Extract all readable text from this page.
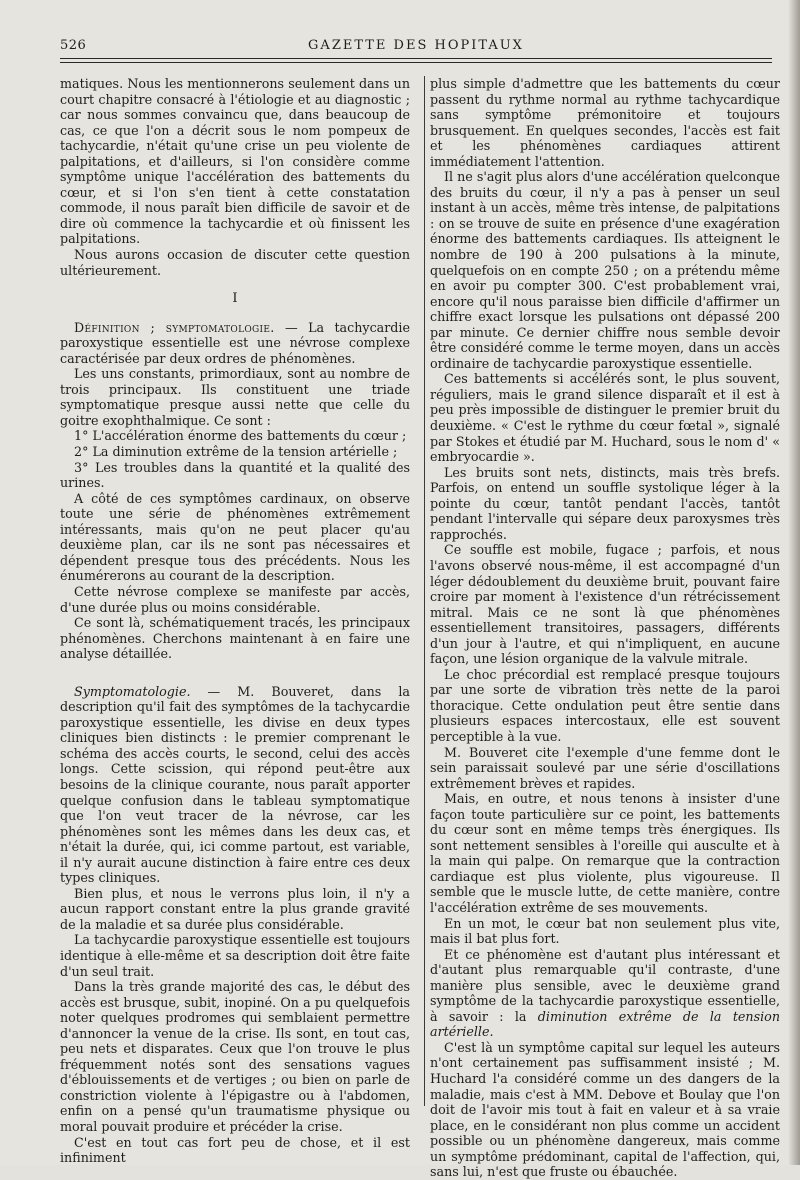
526	GAZETTE DES HOPITAUX

matiques. Nous les mentionnerons seulement dans un court chapitre consacré à l'étiologie et au diagnostic ; car nous sommes convaincu que, dans beaucoup de cas, ce que l'on a décrit sous le nom pompeux de tachycardie, n'était qu'une crise un peu violente de palpitations, et d'ailleurs, si l'on considère comme symptôme unique l'accélération des battements du cœur, et si l'on s'en tient à cette constatation commode, il nous paraît bien difficile de savoir et de dire où commence la tachycardie et où finissent les palpitations.

Nous aurons occasion de discuter cette question ultérieurement.

I

Définition ; symptomatologie. — La tachycardie paroxystique essentielle est une névrose complexe caractérisée par deux ordres de phénomènes.

Les uns constants, primordiaux, sont au nombre de trois principaux. Ils constituent une triade symptomatique presque aussi nette que celle du goitre exophthalmique. Ce sont :

1° L'accélération énorme des battements du cœur ;

2° La diminution extrême de la tension artérielle ;

3° Les troubles dans la quantité et la qualité des urines.

A côté de ces symptômes cardinaux, on observe toute une série de phénomènes extrêmement intéressants, mais qu'on ne peut placer qu'au deuxième plan, car ils ne sont pas nécessaires et dépendent presque tous des précédents. Nous les énumérerons au courant de la description.

Cette névrose complexe se manifeste par accès, d'une durée plus ou moins considérable.

Ce sont là, schématiquement tracés, les principaux phénomènes. Cherchons maintenant à en faire une analyse détaillée.

Symptomatologie. — M. Bouveret, dans la description qu'il fait des symptômes de la tachycardie paroxystique essentielle, les divise en deux types cliniques bien distincts : le premier comprenant le schéma des accès courts, le second, celui des accès longs. Cette scission, qui répond peut-être aux besoins de la clinique courante, nous paraît apporter quelque confusion dans le tableau symptomatique que l'on veut tracer de la névrose, car les phénomènes sont les mêmes dans les deux cas, et n'était la durée, qui, ici comme partout, est variable, il n'y aurait aucune distinction à faire entre ces deux types cliniques.

Bien plus, et nous le verrons plus loin, il n'y a aucun rapport constant entre la plus grande gravité de la maladie et sa durée plus considérable.

La tachycardie paroxystique essentielle est toujours identique à elle-même et sa description doit être faite d'un seul trait.

Dans la très grande majorité des cas, le début des accès est brusque, subit, inopiné. On a pu quelquefois noter quelques prodromes qui semblaient permettre d'annoncer la venue de la crise. Ils sont, en tout cas, peu nets et disparates. Ceux que l'on trouve le plus fréquemment notés sont des sensations vagues d'éblouissements et de vertiges ; ou bien on parle de constriction violente à l'épigastre ou à l'abdomen, enfin on a pensé qu'un traumatisme physique ou moral pouvait produire et précéder la crise.

C'est en tout cas fort peu de chose, et il est infiniment

plus simple d'admettre que les battements du cœur passent du rythme normal au rythme tachycardique sans symptôme prémonitoire et toujours brusquement. En quelques secondes, l'accès est fait et les phénomènes cardiaques attirent immédiatement l'attention.

Il ne s'agit plus alors d'une accélération quelconque des bruits du cœur, il n'y a pas à penser un seul instant à un accès, même très intense, de palpitations : on se trouve de suite en présence d'une exagération énorme des battements cardiaques. Ils atteignent le nombre de 190 à 200 pulsations à la minute, quelquefois on en compte 250 ; on a prétendu même en avoir pu compter 300. C'est probablement vrai, encore qu'il nous paraisse bien difficile d'affirmer un chiffre exact lorsque les pulsations ont dépassé 200 par minute. Ce dernier chiffre nous semble devoir être considéré comme le terme moyen, dans un accès ordinaire de tachycardie paroxystique essentielle.

Ces battements si accélérés sont, le plus souvent, réguliers, mais le grand silence disparaît et il est à peu près impossible de distinguer le premier bruit du deuxième. « C'est le rythme du cœur fœtal », signalé par Stokes et étudié par M. Huchard, sous le nom d' « embryocardie ».

Les bruits sont nets, distincts, mais très brefs. Parfois, on entend un souffle systolique léger à la pointe du cœur, tantôt pendant l'accès, tantôt pendant l'intervalle qui sépare deux paroxysmes très rapprochés.

Ce souffle est mobile, fugace ; parfois, et nous l'avons observé nous-même, il est accompagné d'un léger dédoublement du deuxième bruit, pouvant faire croire par moment à l'existence d'un rétrécissement mitral. Mais ce ne sont là que phénomènes essentiellement transitoires, passagers, différents d'un jour à l'autre, et qui n'impliquent, en aucune façon, une lésion organique de la valvule mitrale.

Le choc précordial est remplacé presque toujours par une sorte de vibration très nette de la paroi thoracique. Cette ondulation peut être sentie dans plusieurs espaces intercostaux, elle est souvent perceptible à la vue.

M. Bouveret cite l'exemple d'une femme dont le sein paraissait soulevé par une série d'oscillations extrêmement brèves et rapides.

Mais, en outre, et nous tenons à insister d'une façon toute particulière sur ce point, les battements du cœur sont en même temps très énergiques. Ils sont nettement sensibles à l'oreille qui ausculte et à la main qui palpe. On remarque que la contraction cardiaque est plus violente, plus vigoureuse. Il semble que le muscle lutte, de cette manière, contre l'accélération extrême de ses mouvements.

En un mot, le cœur bat non seulement plus vite, mais il bat plus fort.

Et ce phénomène est d'autant plus intéressant et d'autant plus remarquable qu'il contraste, d'une manière plus sensible, avec le deuxième grand symptôme de la tachycardie paroxystique essentielle, à savoir : la diminution extrême de la tension artérielle.

C'est là un symptôme capital sur lequel les auteurs n'ont certainement pas suffisamment insisté ; M. Huchard l'a considéré comme un des dangers de la maladie, mais c'est à MM. Debove et Boulay que l'on doit de l'avoir mis tout à fait en valeur et à sa vraie place, en le considérant non plus comme un accident possible ou un phénomène dangereux, mais comme un symptôme prédominant, capital de l'affection, qui, sans lui, n'est que fruste ou ébauchée.
